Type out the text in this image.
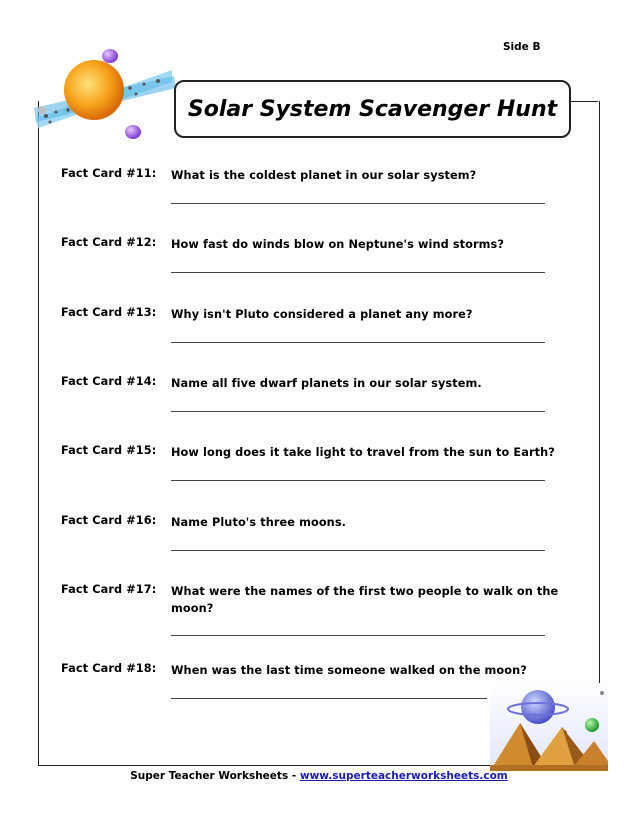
Side B
Solar System Scavenger Hunt
Fact Card #11: What is the coldest planet in our solar system?
Fact Card #12: How fast do winds blow on Neptune's wind storms?
Fact Card #13: Why isn't Pluto considered a planet any more?
Fact Card #14: Name all five dwarf planets in our solar system.
Fact Card #15: How long does it take light to travel from the sun to Earth?
Fact Card #16: Name Pluto's three moons.
Fact Card #17: What were the names of the first two people to walk on the moon?
Fact Card #18: When was the last time someone walked on the moon?
Super Teacher Worksheets - www.superteacherworksheets.com
